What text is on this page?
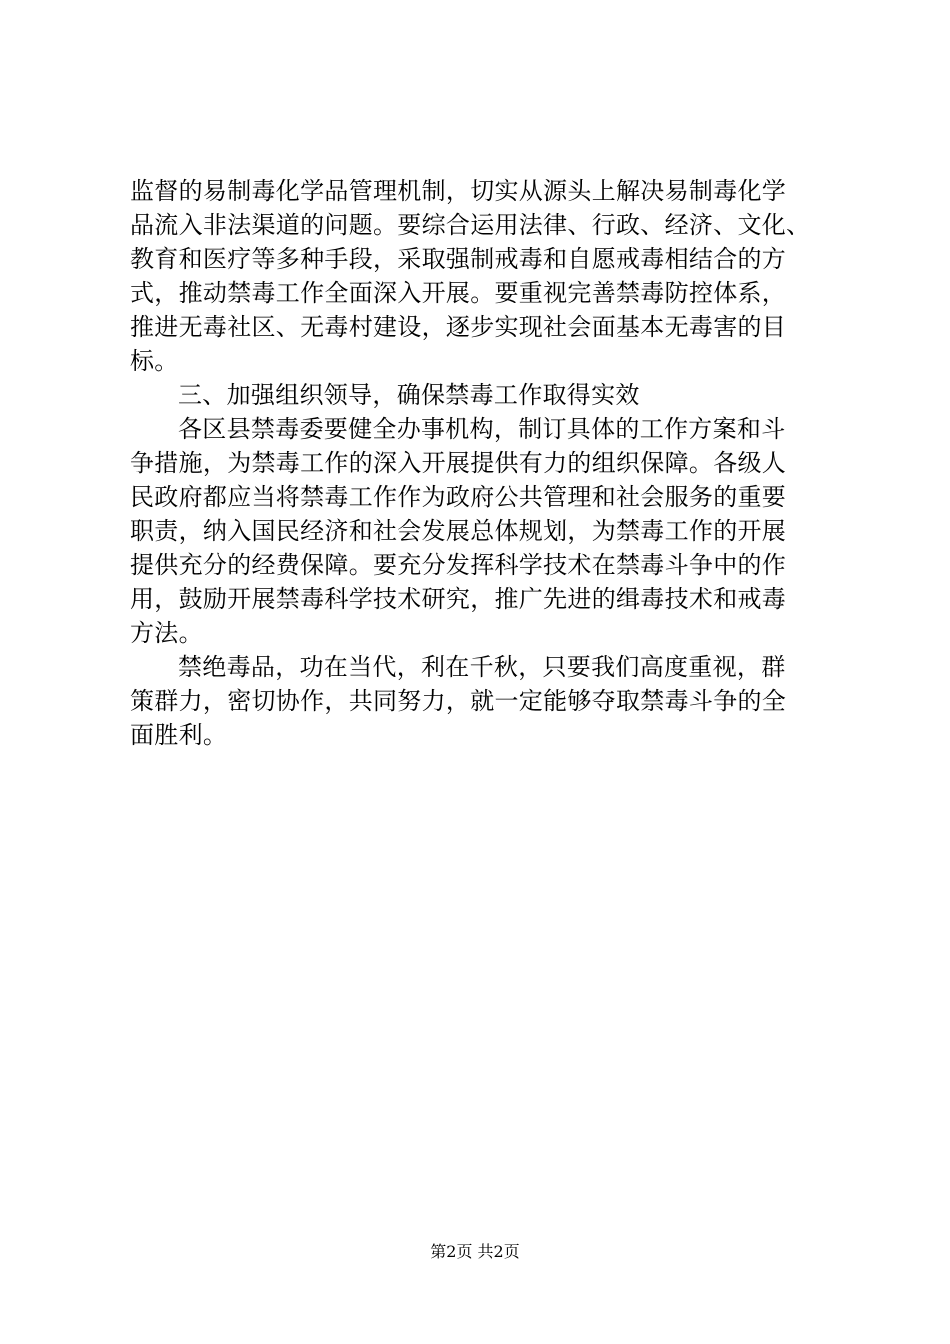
监督的易制毒化学品管理机制，切实从源头上解决易制毒化学
品流入非法渠道的问题。要综合运用法律、行政、经济、文化、
教育和医疗等多种手段，采取强制戒毒和自愿戒毒相结合的方
式，推动禁毒工作全面深入开展。要重视完善禁毒防控体系，
推进无毒社区、无毒村建设，逐步实现社会面基本无毒害的目
标。
三、加强组织领导，确保禁毒工作取得实效
各区县禁毒委要健全办事机构，制订具体的工作方案和斗
争措施，为禁毒工作的深入开展提供有力的组织保障。各级人
民政府都应当将禁毒工作作为政府公共管理和社会服务的重要
职责，纳入国民经济和社会发展总体规划，为禁毒工作的开展
提供充分的经费保障。要充分发挥科学技术在禁毒斗争中的作
用，鼓励开展禁毒科学技术研究，推广先进的缉毒技术和戒毒
方法。
禁绝毒品，功在当代，利在千秋，只要我们高度重视，群
策群力，密切协作，共同努力，就一定能够夺取禁毒斗争的全
面胜利。
第2页 共2页
